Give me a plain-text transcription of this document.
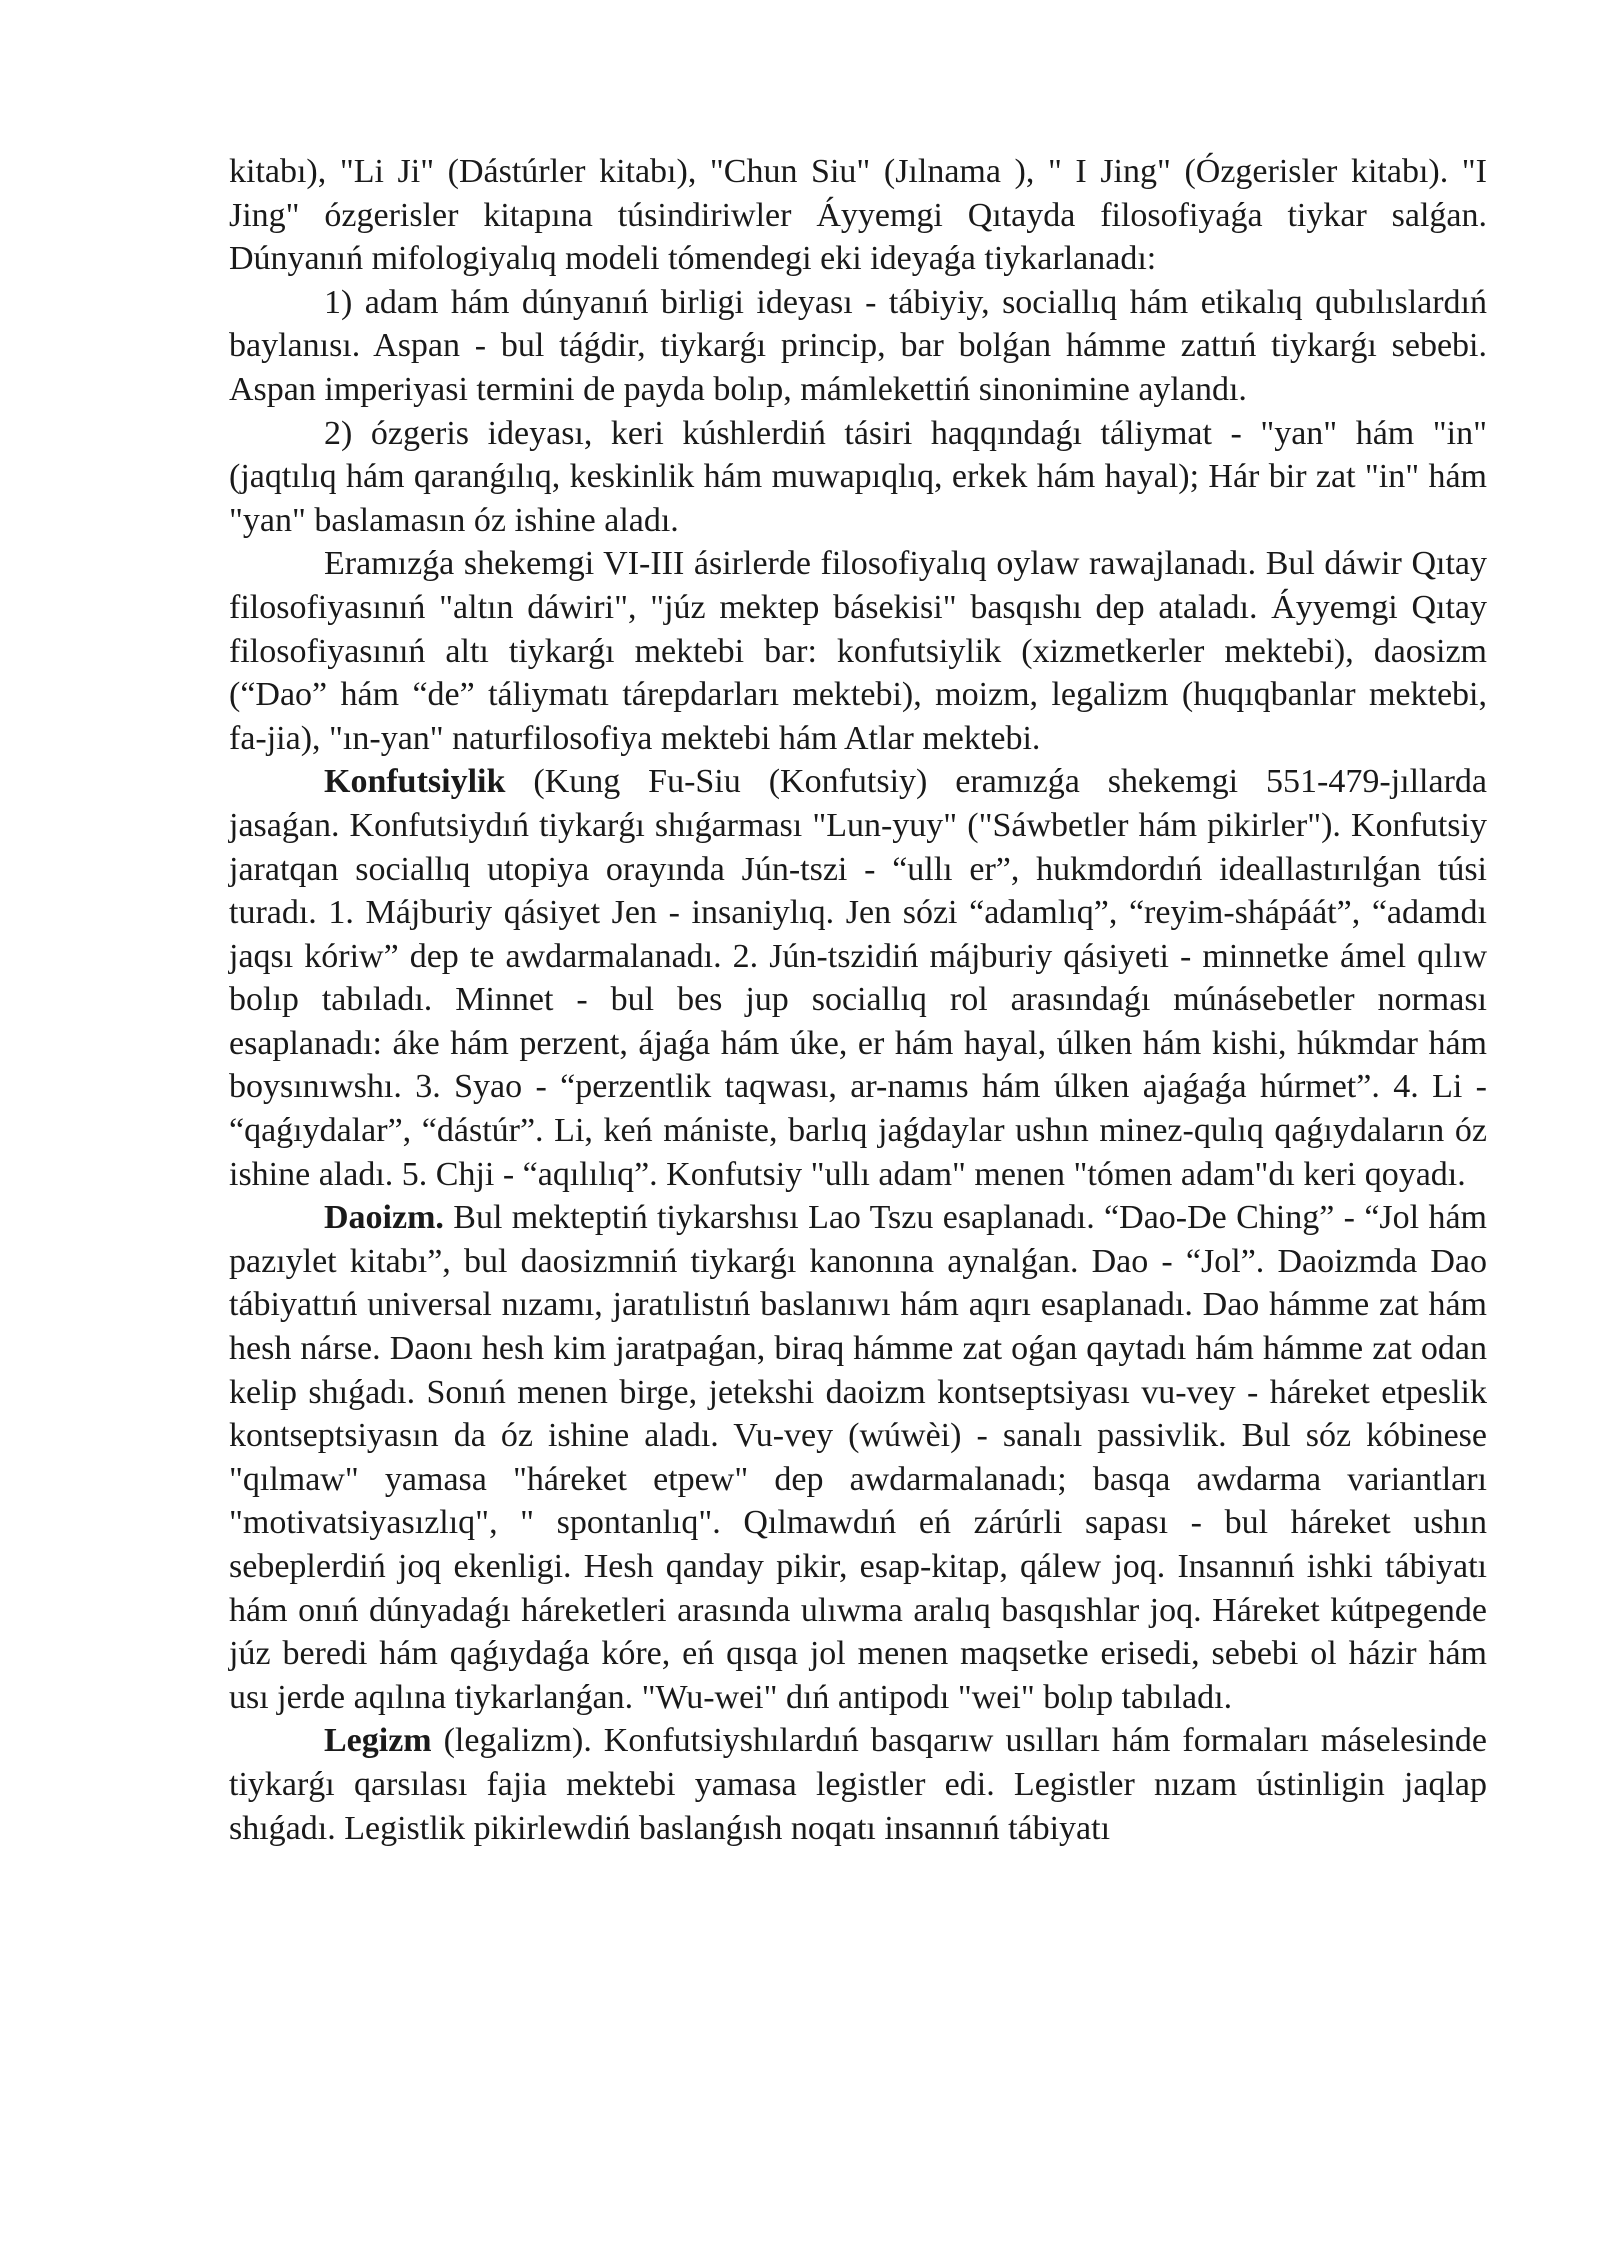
kitabı), "Li Ji" (Dástúrler kitabı), "Chun Siu" (Jılnama ), " I Jing" (Ózgerisler kitabı). "I Jing" ózgerisler kitapına túsindiriwler Áyyemgi Qıtayda filosofiyaǵa tiykar salǵan. Dúnyanıń mifologiyalıq modeli tómendegi eki ideyaǵa tiykarlanadı:

1) adam hám dúnyanıń birligi ideyası - tábiyiy, sociallıq hám etikalıq qubılıslardıń baylanısı. Aspan - bul táǵdir, tiykarǵı princip, bar bolǵan hámme zattıń tiykarǵı sebebi. Aspan imperiyasi termini de payda bolıp, mámlekettiń sinonimine aylandı.

2) ózgeris ideyası, keri kúshlerdiń tásiri haqqındaǵı táliymat - "yan" hám "in" (jaqtılıq hám qaranǵılıq, keskinlik hám muwapıqlıq, erkek hám hayal); Hár bir zat "in" hám "yan" baslamasın óz ishine aladı.

Eramızǵa shekemgi VI-III ásirlerde filosofiyalıq oylaw rawajlanadı. Bul dáwir Qıtay filosofiyasınıń "altın dáwiri", "júz mektep básekisi" basqıshı dep ataladı. Áyyemgi Qıtay filosofiyasınıń altı tiykarǵı mektebi bar: konfutsiylik (xizmetkerler mektebi), daosizm (“Dao” hám “de” táliymatı tárepdarları mektebi), moizm, legalizm (huqıqbanlar mektebi, fa-jia), "ın-yan" naturfilosofiya mektebi hám Atlar mektebi.

Konfutsiylik (Kung Fu-Siu (Konfutsiy) eramızǵa shekemgi 551-479-jıllarda jasaǵan. Konfutsiydıń tiykarǵı shıǵarması "Lun-yuy" ("Sáwbetler hám pikirler"). Konfutsiy jaratqan sociallıq utopiya orayında Jún-tszi - “ullı er”, hukmdordıń ideallastırılǵan túsi turadı. 1. Májburiy qásiyet Jen - insaniylıq. Jen sózi “adamlıq”, “reyim-shápáát”, “adamdı jaqsı kóriw” dep te awdarmalanadı. 2. Jún-tszidiń májburiy qásiyeti - minnetke ámel qılıw bolıp tabıladı. Minnet - bul bes jup sociallıq rol arasındaǵı múnásebetler norması esaplanadı: áke hám perzent, ájaǵa hám úke, er hám hayal, úlken hám kishi, húkmdar hám boysınıwshı. 3. Syao - “perzentlik taqwası, ar-namıs hám úlken ajaǵaǵa húrmet”. 4. Li - “qaǵıydalar”, “dástúr”. Li, keń mániste, barlıq jaǵdaylar ushın minez-qulıq qaǵıydaların óz ishine aladı. 5. Chji - “aqılılıq”. Konfutsiy "ullı adam" menen "tómen adam"dı keri qoyadı.

Daoizm. Bul mekteptiń tiykarshısı Lao Tszu esaplanadı. “Dao-De Ching” - “Jol hám pazıylet kitabı”, bul daosizmniń tiykarǵı kanonına aynalǵan. Dao - “Jol”. Daoizmda Dao tábiyattıń universal nızamı, jaratılistıń baslanıwı hám aqırı esaplanadı. Dao hámme zat hám hesh nárse. Daonı hesh kim jaratpaǵan, biraq hámme zat oǵan qaytadı hám hámme zat odan kelip shıǵadı. Sonıń menen birge, jetekshi daoizm kontseptsiyası vu-vey - háreket etpeslik kontseptsiyasın da óz ishine aladı. Vu-vey (wúwèi) - sanalı passivlik. Bul sóz kóbinese "qılmaw" yamasa "háreket etpew" dep awdarmalanadı; basqa awdarma variantları "motivatsiyasızlıq", " spontanlıq". Qılmawdıń eń zárúrli sapası - bul háreket ushın sebeplerdiń joq ekenligi. Hesh qanday pikir, esap-kitap, qálew joq. Insannıń ishki tábiyatı hám onıń dúnyadaǵı háreketleri arasında ulıwma aralıq basqıshlar joq. Háreket kútpegende júz beredi hám qaǵıydaǵa kóre, eń qısqa jol menen maqsetke erisedi, sebebi ol házir hám usı jerde aqılına tiykarlanǵan. "Wu-wei" dıń antipodı "wei" bolıp tabıladı.

Legizm (legalizm). Konfutsiyshılardıń basqarıw usılları hám formaları máselesinde tiykarǵı qarsılası fajia mektebi yamasa legistler edi. Legistler nızam ústinligin jaqlap shıǵadı. Legistlik pikirlewdiń baslanǵısh noqatı insannıń tábiyatı
